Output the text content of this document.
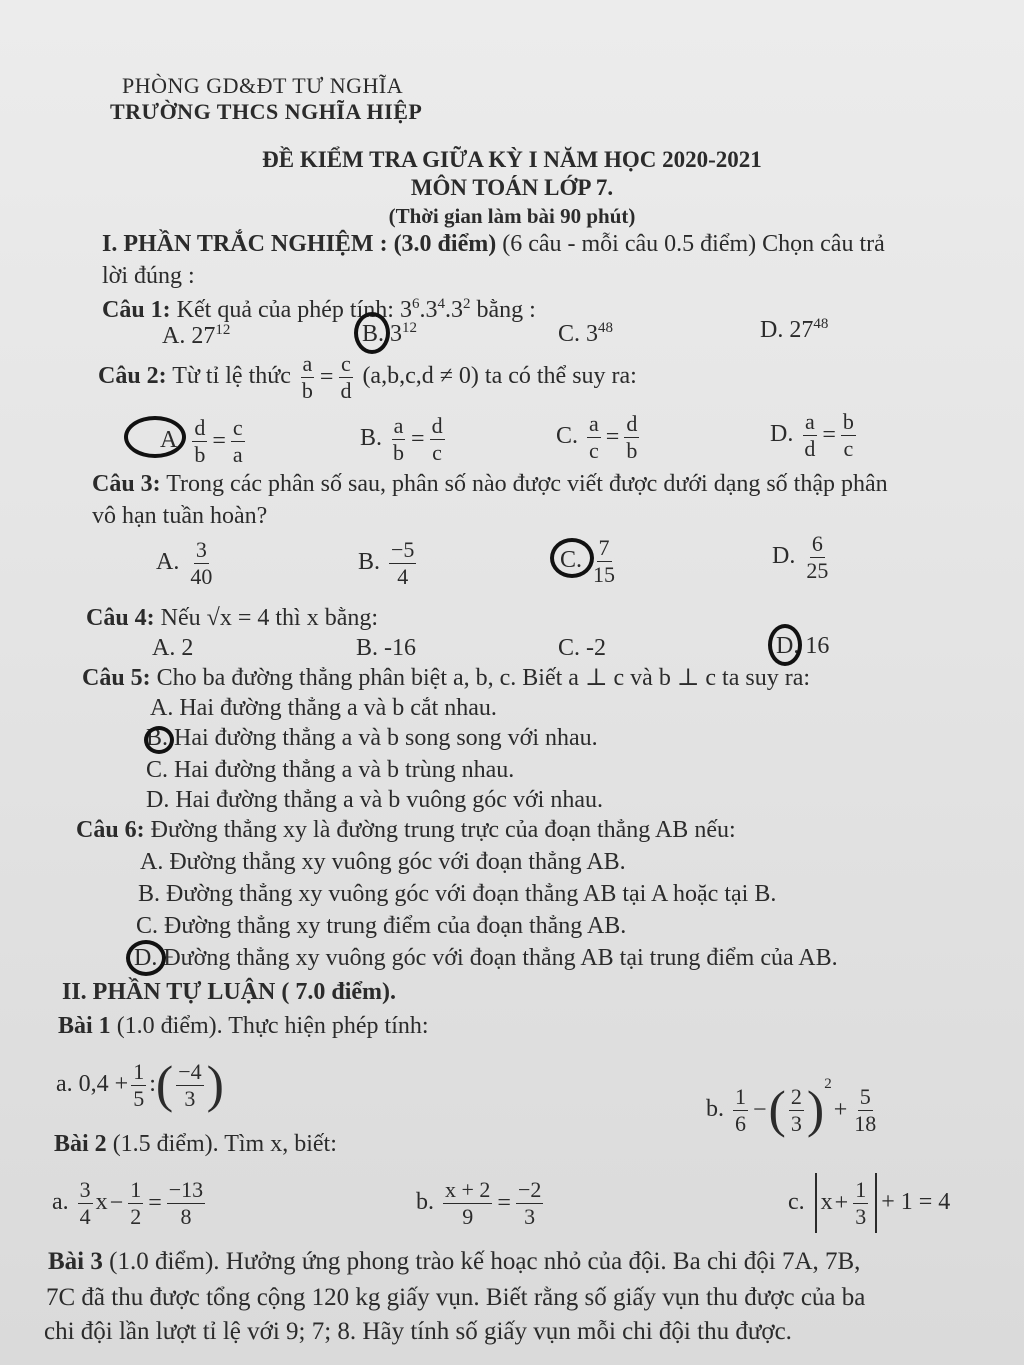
PHÒNG GD&ĐT TƯ NGHĨA
TRƯỜNG THCS NGHĨA HIỆP
ĐỀ KIỂM TRA GIỮA KỲ I NĂM HỌC 2020-2021
MÔN TOÁN LỚP 7.
(Thời gian làm bài 90 phút)
I. PHẦN TRẮC NGHIỆM : (3.0 điểm) (6 câu - mỗi câu 0.5 điểm) Chọn câu trả
lời đúng :
Câu 1: Kết quả của phép tính: $3^6.3^4.3^2$ bằng :
A. $27^{12}$	B. $3^{12}$	C. $3^{48}$	D. $27^{48}$
Câu 2: Từ tỉ lệ thức $\frac{a}{b} = \frac{c}{d} (a,b,c,d \ne 0)$ ta có thể suy ra:
A. $\frac{d}{b} = \frac{c}{a}$	B. $\frac{a}{b} = \frac{d}{c}$	C. $\frac{a}{c} = \frac{d}{b}$	D. $\frac{a}{d} = \frac{b}{c}$
Câu 3: Trong các phân số sau, phân số nào được viết được dưới dạng số thập phân
vô hạn tuần hoàn?
A. $\frac{3}{40}$	B. $\frac{-5}{4}$	C. $\frac{7}{15}$	D. $\frac{6}{25}$
Câu 4: Nếu √x = 4 thì x bằng:
A. 2	B. -16	C. -2	D. 16
Câu 5: Cho ba đường thẳng phân biệt a, b, c. Biết a ⊥ c và b ⊥ c ta suy ra:
A. Hai đường thẳng a và b cắt nhau.
B. Hai đường thẳng a và b song song với nhau.
C. Hai đường thẳng a và b trùng nhau.
D. Hai đường thẳng a và b vuông góc với nhau.
Câu 6: Đường thẳng xy là đường trung trực của đoạn thẳng AB nếu:
A. Đường thẳng xy vuông góc với đoạn thẳng AB.
B. Đường thẳng xy vuông góc với đoạn thẳng AB tại A hoặc tại B.
C. Đường thẳng xy trung điểm của đoạn thẳng AB.
D. Đường thẳng xy vuông góc với đoạn thẳng AB tại trung điểm của AB.
II. PHẦN TỰ LUẬN ( 7.0 điểm).
Bài 1 (1.0 điểm). Thực hiện phép tính:
a. $0,4 + \frac{1}{5}$ :( $\frac{-4}{3}$ )	b. $\frac{1}{6}$ −( $\frac{2}{3} )^2+ \frac{5}{18}$
Bài 2 (1.5 điểm). Tìm x, biết:
a. $\frac{3}{4} x- \frac{1}{2} = \frac{-13}{8}$	b. $\frac{x + 2}{9} = \frac{-2}{3}$	c. $x+ \frac{1}{3} + 1 = 4$
Bài 3 (1.0 điểm). Hưởng ứng phong trào kế hoạc nhỏ của đội. Ba chi đội 7A, 7B,
7C đã thu được tổng cộng 120 kg giấy vụn. Biết rằng số giấy vụn thu được của ba
chi đội lần lượt tỉ lệ với 9; 7; 8. Hãy tính số giấy vụn mỗi chi đội thu được.
